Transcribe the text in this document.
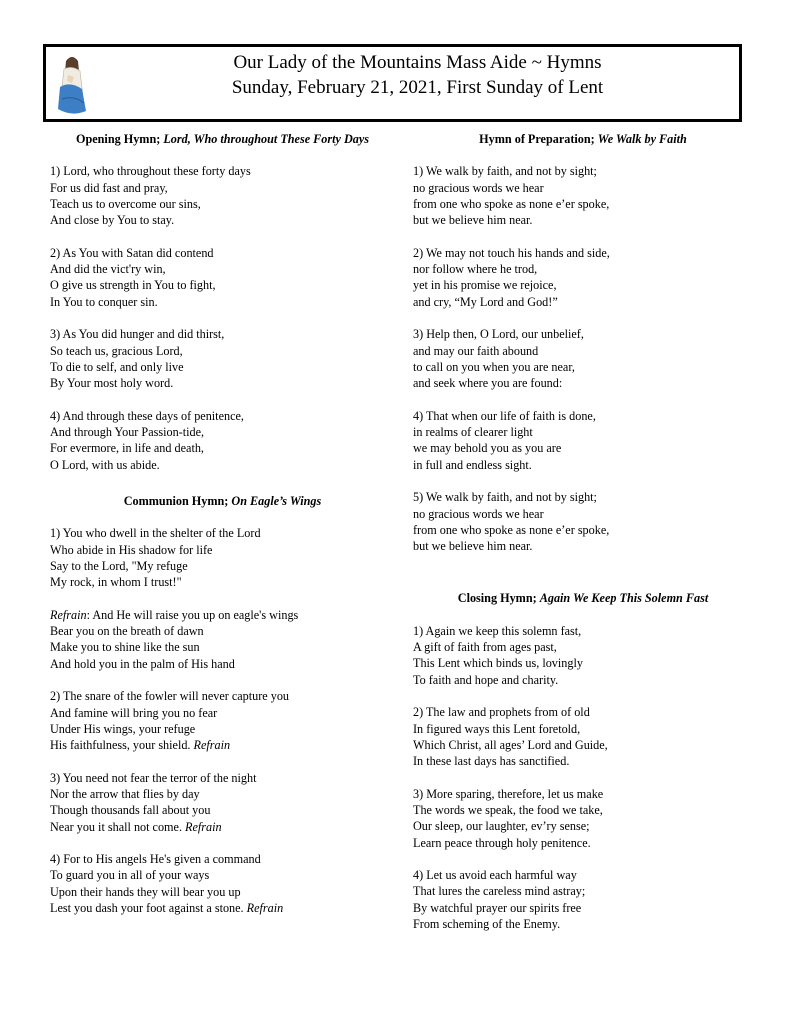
Our Lady of the Mountains Mass Aide ~ Hymns
Sunday, February 21, 2021, First Sunday of Lent

Opening Hymn; Lord, Who throughout These Forty Days

1) Lord, who throughout these forty days
For us did fast and pray,
Teach us to overcome our sins,
And close by You to stay.
2) As You with Satan did contend
And did the vict'ry win,
O give us strength in You to fight,
In You to conquer sin.
3) As You did hunger and did thirst,
So teach us, gracious Lord,
To die to self, and only live
By Your most holy word.
4) And through these days of penitence,
And through Your Passion-tide,
For evermore, in life and death,
O Lord, with us abide.

Communion Hymn; On Eagle’s Wings

1) You who dwell in the shelter of the Lord
Who abide in His shadow for life
Say to the Lord, "My refuge
My rock, in whom I trust!"
Refrain: And He will raise you up on eagle's wings
Bear you on the breath of dawn
Make you to shine like the sun
And hold you in the palm of His hand
2) The snare of the fowler will never capture you
And famine will bring you no fear
Under His wings, your refuge
His faithfulness, your shield. Refrain
3) You need not fear the terror of the night
Nor the arrow that flies by day
Though thousands fall about you
Near you it shall not come. Refrain
4) For to His angels He's given a command
To guard you in all of your ways
Upon their hands they will bear you up
Lest you dash your foot against a stone. Refrain

Hymn of Preparation; We Walk by Faith

1) We walk by faith, and not by sight;
no gracious words we hear
from one who spoke as none e’er spoke,
but we believe him near.
2) We may not touch his hands and side,
nor follow where he trod,
yet in his promise we rejoice,
and cry, “My Lord and God!”
3) Help then, O Lord, our unbelief,
and may our faith abound
to call on you when you are near,
and seek where you are found:
4) That when our life of faith is done,
in realms of clearer light
we may behold you as you are
in full and endless sight.
5) We walk by faith, and not by sight;
no gracious words we hear
from one who spoke as none e’er spoke,
but we believe him near.

Closing Hymn; Again We Keep This Solemn Fast

1) Again we keep this solemn fast,
A gift of faith from ages past,
This Lent which binds us, lovingly
To faith and hope and charity.
2) The law and prophets from of old
In figured ways this Lent foretold,
Which Christ, all ages’ Lord and Guide,
In these last days has sanctified.
3) More sparing, therefore, let us make
The words we speak, the food we take,
Our sleep, our laughter, ev’ry sense;
Learn peace through holy penitence.
4) Let us avoid each harmful way
That lures the careless mind astray;
By watchful prayer our spirits free
From scheming of the Enemy.
